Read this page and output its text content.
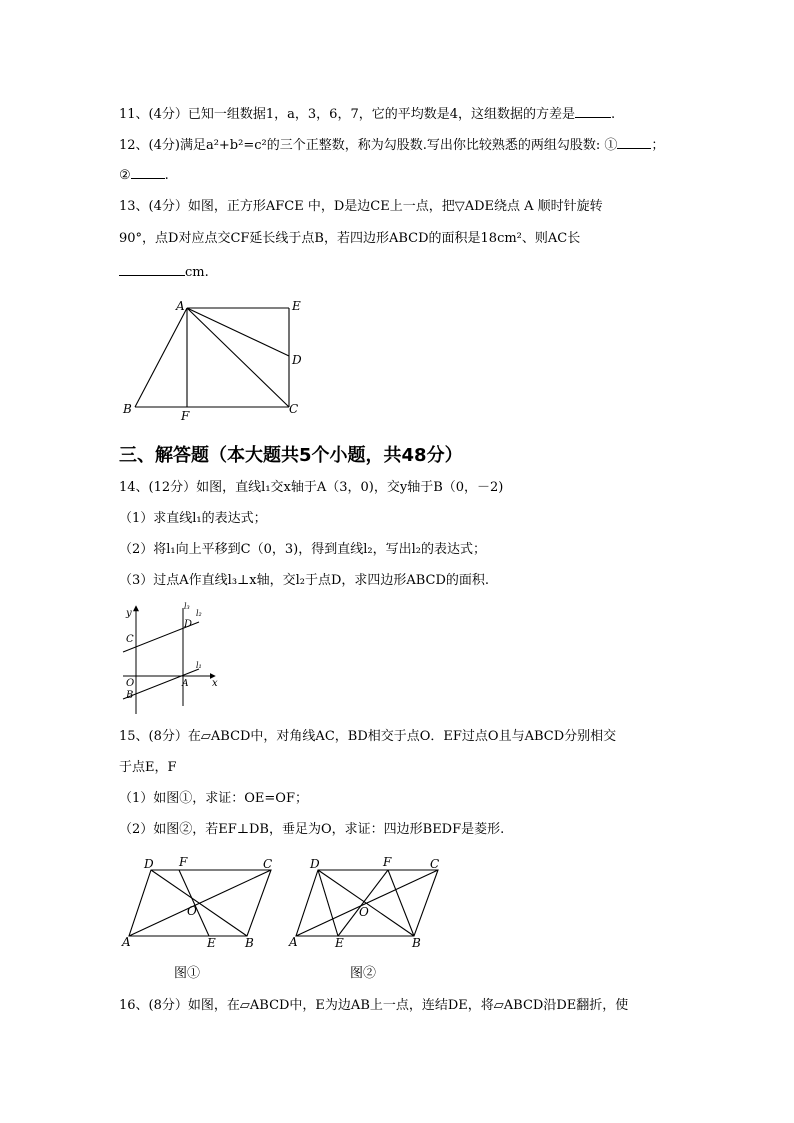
11、(4分）已知一组数据1，a，3，6，7，它的平均数是4，这组数据的方差是	.
12、(4分)满足a²+b²=c²的三个正整数，称为勾股数.写出你比较熟悉的两组勾股数: ①	；
②	.
13、(4分）如图，正方形AFCE 中，D是边CE上一点，把▽ADE绕点 A 顺时针旋转
90°，点D对应点交CF延长线于点B，若四边形ABCD的面积是18cm²、则AC长
cm.
A	E
D
B	F	C
三、解答题（本大题共5个小题，共48分）
14、(12分）如图，直线l₁交x轴于A（3，0)，交y轴于B（0，－2)
（1）求直线l₁的表达式；
（2）将l₁向上平移到C（0，3)，得到直线l₂，写出l₂的表达式；
（3）过点A作直线l₃⊥x轴，交l₂于点D，求四边形ABCD的面积.
y
l₃
l₂
D
C
l₁
O	A x
B
15、(8分）在▱ABCD中，对角线AC，BD相交于点O．EF过点O且与ABCD分别相交
于点E，F
（1）如图①，求证：OE=OF；
（2）如图②，若EF⊥DB，垂足为O，求证：四边形BEDF是菱形.
D F	C
O
A	E B
图①
D	F	C
O
A	E	B
图②
16、(8分）如图，在▱ABCD中，E为边AB上一点，连结DE，将▱ABCD沿DE翻折，使
